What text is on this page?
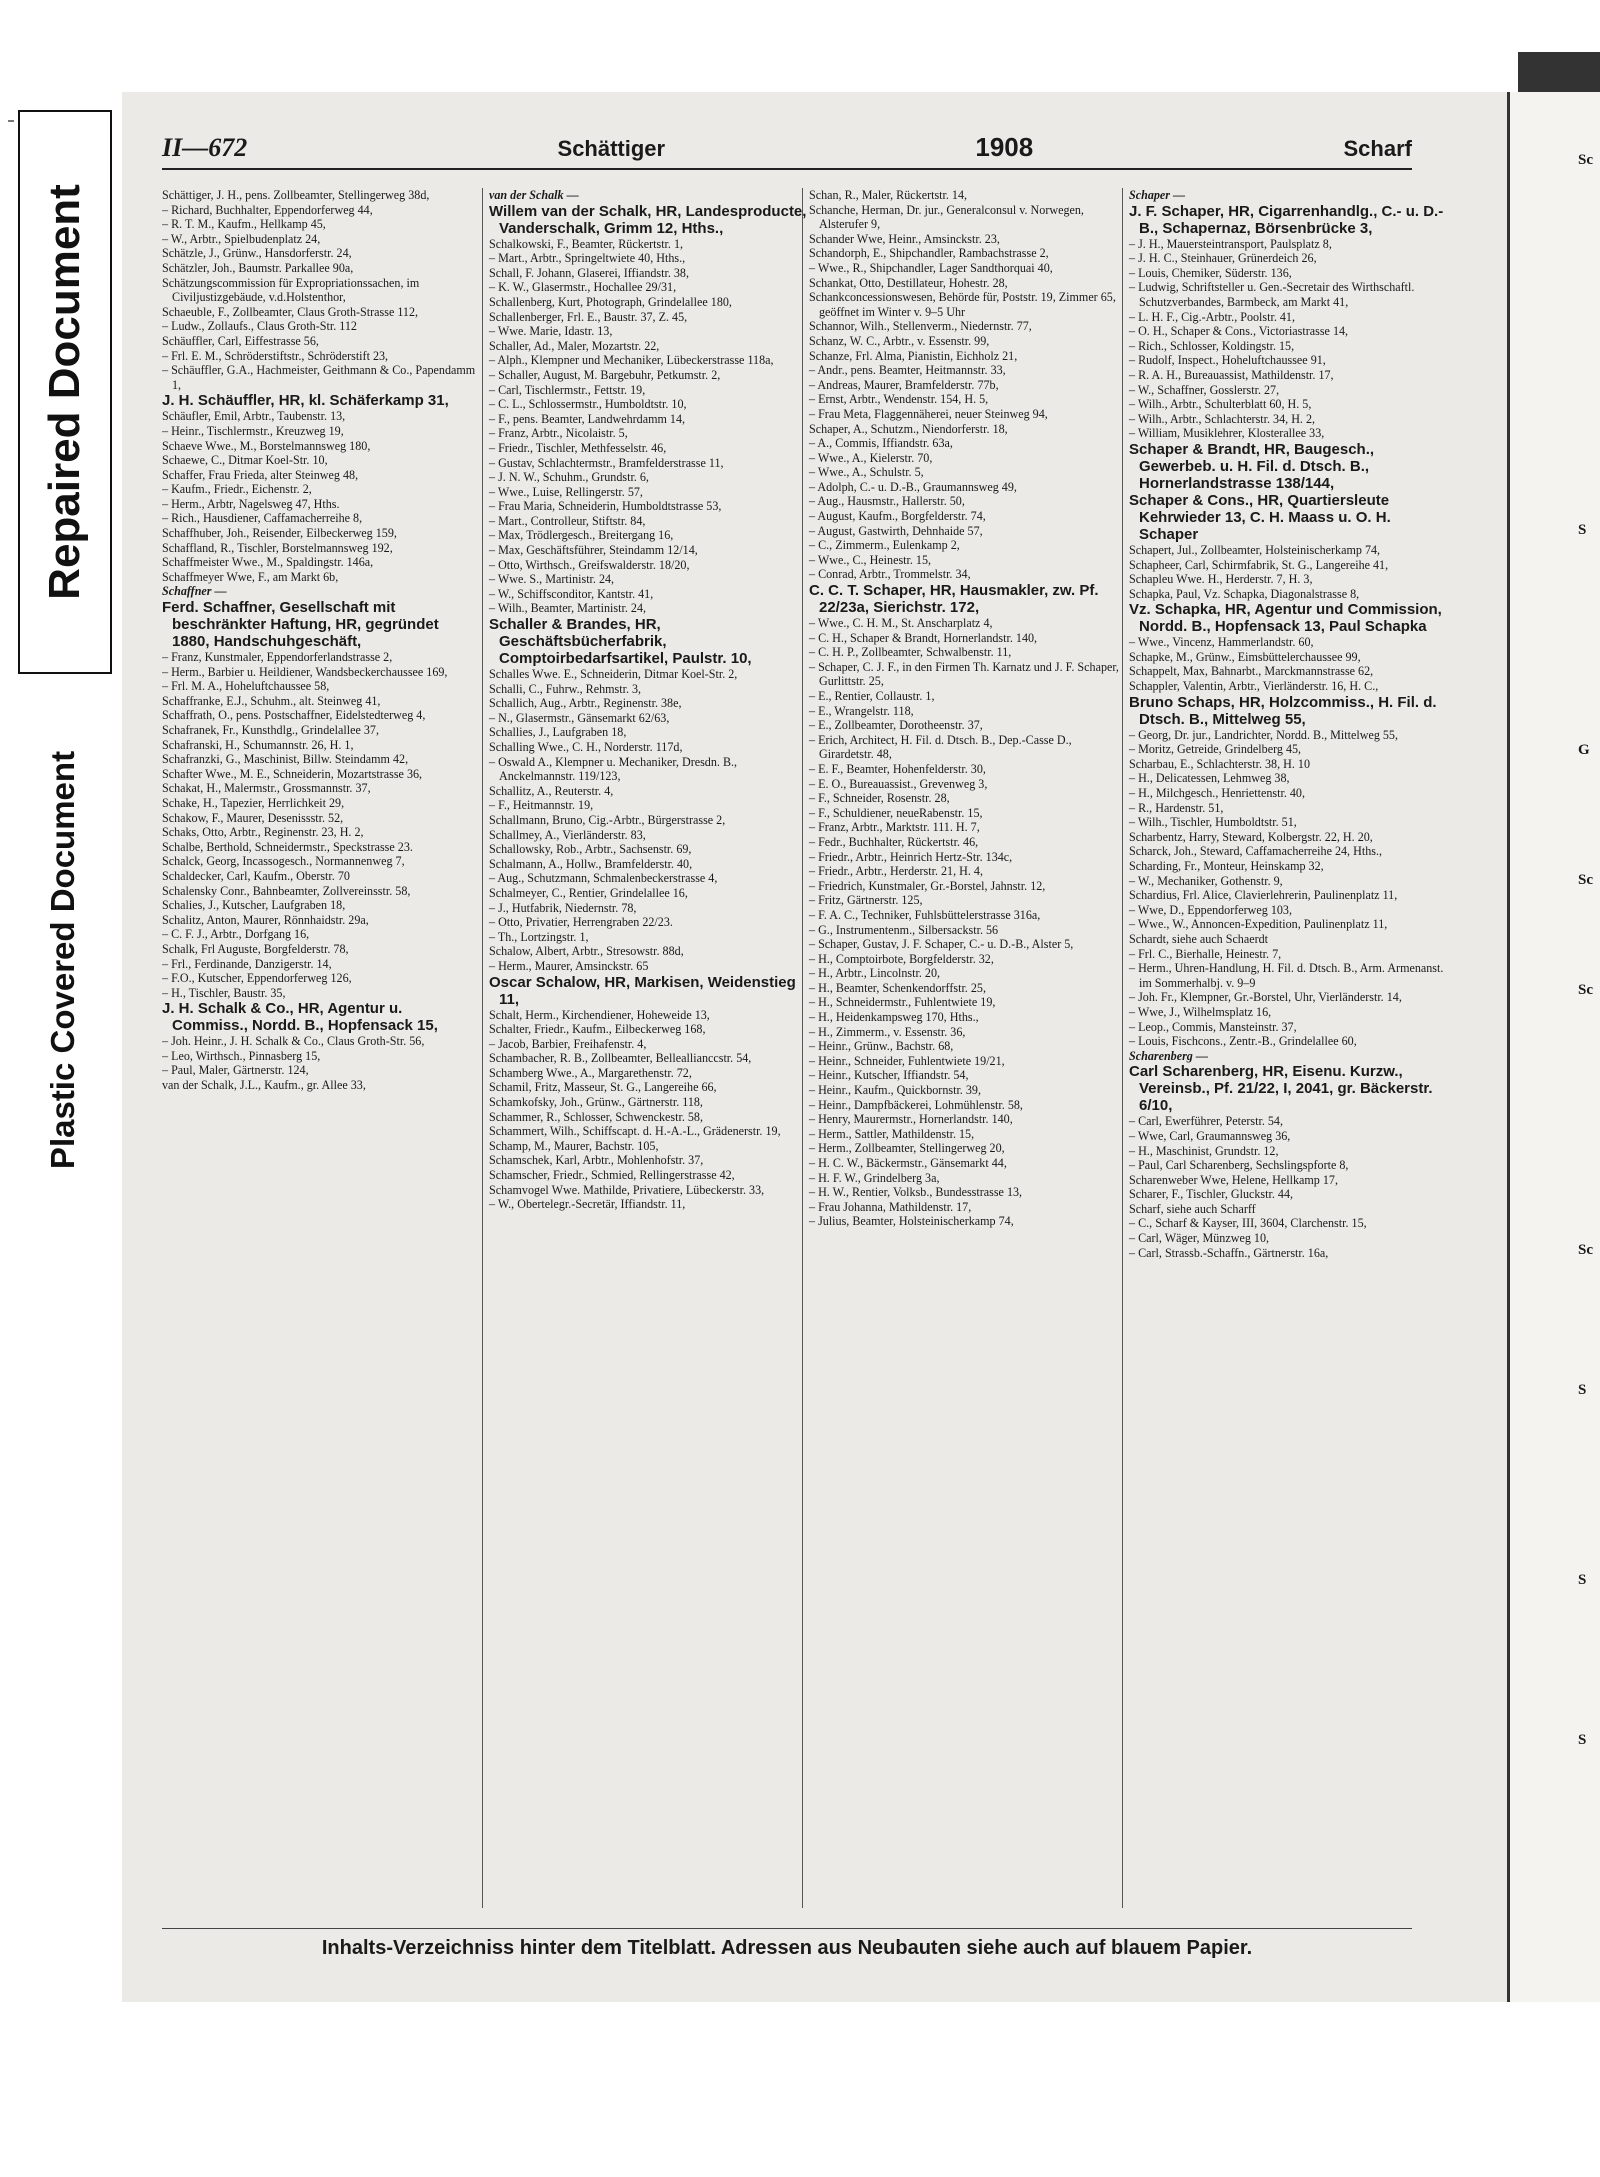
Repaired Document
Plastic Covered Document
II—672	Schättiger	1908	Scharf

Schättiger, J. H., pens. Zollbeamter, Stellingerweg 38d,

– Richard, Buchhalter, Eppendorferweg 44,

– R. T. M., Kaufm., Hellkamp 45,

– W., Arbtr., Spielbudenplatz 24,

Schätzle, J., Grünw., Hansdorferstr. 24,

Schätzler, Joh., Baumstr. Parkallee 90a,

Schätzungscommission für Expropriationssachen, im Civiljustizgebäude, v.d.Holstenthor,

Schaeuble, F., Zollbeamter, Claus Groth-Strasse 112,

– Ludw., Zollaufs., Claus Groth-Str. 112

Schäuffler, Carl, Eiffestrasse 56,

– Frl. E. M., Schröderstiftstr., Schröderstift 23,

– Schäuffler, G.A., Hachmeister, Geithmann & Co., Papendamm 1,

J. H. Schäuffler, HR, kl. Schäferkamp 31,

Schäufler, Emil, Arbtr., Taubenstr. 13,

– Heinr., Tischlermstr., Kreuzweg 19,

Schaeve Wwe., M., Borstelmannsweg 180,

Schaewe, C., Ditmar Koel-Str. 10,

Schaffer, Frau Frieda, alter Steinweg 48,

– Kaufm., Friedr., Eichenstr. 2,

– Herm., Arbtr, Nagelsweg 47, Hths.

– Rich., Hausdiener, Caffamacherreihe 8,

Schaffhuber, Joh., Reisender, Eilbeckerweg 159,

Schaffland, R., Tischler, Borstelmannsweg 192,

Schaffmeister Wwe., M., Spaldingstr. 146a,

Schaffmeyer Wwe, F., am Markt 6b,

Schaffner —

Ferd. Schaffner, Gesellschaft mit beschränkter Haftung, HR, gegründet 1880, Handschuhgeschäft,

– Franz, Kunstmaler, Eppendorferlandstrasse 2,

– Herm., Barbier u. Heildiener, Wandsbeckerchaussee 169,

– Frl. M. A., Hoheluftchaussee 58,

Schaffranke, E.J., Schuhm., alt. Steinweg 41,

Schaffrath, O., pens. Postschaffner, Eidelstedterweg 4,

Schafranek, Fr., Kunsthdlg., Grindelallee 37,

Schafranski, H., Schumannstr. 26, H. 1,

Schafranzki, G., Maschinist, Billw. Steindamm 42,

Schafter Wwe., M. E., Schneiderin, Mozartstrasse 36,

Schakat, H., Malermstr., Grossmannstr. 37,

Schake, H., Tapezier, Herrlichkeit 29,

Schakow, F., Maurer, Desenissstr. 52,

Schaks, Otto, Arbtr., Reginenstr. 23, H. 2,

Schalbe, Berthold, Schneidermstr., Speckstrasse 23.

Schalck, Georg, Incassogesch., Normannenweg 7,

Schaldecker, Carl, Kaufm., Oberstr. 70

Schalensky Conr., Bahnbeamter, Zollvereinsstr. 58,

Schalies, J., Kutscher, Laufgraben 18,

Schalitz, Anton, Maurer, Rönnhaidstr. 29a,

– C. F. J., Arbtr., Dorfgang 16,

Schalk, Frl Auguste, Borgfelderstr. 78,

– Frl., Ferdinande, Danzigerstr. 14,

– F.O., Kutscher, Eppendorferweg 126,

– H., Tischler, Baustr. 35,

J. H. Schalk & Co., HR, Agentur u. Commiss., Nordd. B., Hopfensack 15,

– Joh. Heinr., J. H. Schalk & Co., Claus Groth-Str. 56,

– Leo, Wirthsch., Pinnasberg 15,

– Paul, Maler, Gärtnerstr. 124,

van der Schalk, J.L., Kaufm., gr. Allee 33,

van der Schalk —

Willem van der Schalk, HR, Landesproducte, Vanderschalk, Grimm 12, Hths.,

Schalkowski, F., Beamter, Rückertstr. 1,

– Mart., Arbtr., Springeltwiete 40, Hths.,

Schall, F. Johann, Glaserei, Iffiandstr. 38,

– K. W., Glasermstr., Hochallee 29/31,

Schallenberg, Kurt, Photograph, Grindelallee 180,

Schallenberger, Frl. E., Baustr. 37, Z. 45,

– Wwe. Marie, Idastr. 13,

Schaller, Ad., Maler, Mozartstr. 22,

– Alph., Klempner und Mechaniker, Lübeckerstrasse 118a,

– Schaller, August, M. Bargebuhr, Petkumstr. 2,

– Carl, Tischlermstr., Fettstr. 19,

– C. L., Schlossermstr., Humboldtstr. 10,

– F., pens. Beamter, Landwehrdamm 14,

– Franz, Arbtr., Nicolaistr. 5,

– Friedr., Tischler, Methfesselstr. 46,

– Gustav, Schlachtermstr., Bramfelderstrasse 11,

– J. N. W., Schuhm., Grundstr. 6,

– Wwe., Luise, Rellingerstr. 57,

– Frau Maria, Schneiderin, Humboldtstrasse 53,

– Mart., Controlleur, Stiftstr. 84,

– Max, Trödlergesch., Breitergang 16,

– Max, Geschäftsführer, Steindamm 12/14,

– Otto, Wirthsch., Greifswalderstr. 18/20,

– Wwe. S., Martinistr. 24,

– W., Schiffsconditor, Kantstr. 41,

– Wilh., Beamter, Martinistr. 24,

Schaller & Brandes, HR, Geschäftsbücherfabrik, Comptoirbedarfsartikel, Paulstr. 10,

Schalles Wwe. E., Schneiderin, Ditmar Koel-Str. 2,

Schalli, C., Fuhrw., Rehmstr. 3,

Schallich, Aug., Arbtr., Reginenstr. 38e,

– N., Glasermstr., Gänsemarkt 62/63,

Schallies, J., Laufgraben 18,

Schalling Wwe., C. H., Norderstr. 117d,

– Oswald A., Klempner u. Mechaniker, Dresdn. B., Anckelmannstr. 119/123,

Schallitz, A., Reuterstr. 4,

– F., Heitmannstr. 19,

Schallmann, Bruno, Cig.-Arbtr., Bürgerstrasse 2,

Schallmey, A., Vierländerstr. 83,

Schallowsky, Rob., Arbtr., Sachsenstr. 69,

Schalmann, A., Hollw., Bramfelderstr. 40,

– Aug., Schutzmann, Schmalenbeckerstrasse 4,

Schalmeyer, C., Rentier, Grindelallee 16,

– J., Hutfabrik, Niedernstr. 78,

– Otto, Privatier, Herrengraben 22/23.

– Th., Lortzingstr. 1,

Schalow, Albert, Arbtr., Stresowstr. 88d,

– Herm., Maurer, Amsinckstr. 65

Oscar Schalow, HR, Markisen, Weidenstieg 11,

Schalt, Herm., Kirchendiener, Hoheweide 13,

Schalter, Friedr., Kaufm., Eilbeckerweg 168,

– Jacob, Barbier, Freihafenstr. 4,

Schambacher, R. B., Zollbeamter, Belleallianccstr. 54,

Schamberg Wwe., A., Margarethenstr. 72,

Schamil, Fritz, Masseur, St. G., Langereihe 66,

Schamkofsky, Joh., Grünw., Gärtnerstr. 118,

Schammer, R., Schlosser, Schwenckestr. 58,

Schammert, Wilh., Schiffscapt. d. H.-A.-L., Grädenerstr. 19,

Schamp, M., Maurer, Bachstr. 105,

Schamschek, Karl, Arbtr., Mohlenhofstr. 37,

Schamscher, Friedr., Schmied, Rellingerstrasse 42,

Schamvogel Wwe. Mathilde, Privatiere, Lübeckerstr. 33,

– W., Obertelegr.-Secretär, Iffiandstr. 11,

Schan, R., Maler, Rückertstr. 14,

Schanche, Herman, Dr. jur., Generalconsul v. Norwegen, Alsterufer 9,

Schander Wwe, Heinr., Amsinckstr. 23,

Schandorph, E., Shipchandler, Rambachstrasse 2,

– Wwe., R., Shipchandler, Lager Sandthorquai 40,

Schankat, Otto, Destillateur, Hohestr. 28,

Schankconcessionswesen, Behörde für, Poststr. 19, Zimmer 65, geöffnet im Winter v. 9–5 Uhr

Schannor, Wilh., Stellenverm., Niedernstr. 77,

Schanz, W. C., Arbtr., v. Essenstr. 99,

Schanze, Frl. Alma, Pianistin, Eichholz 21,

– Andr., pens. Beamter, Heitmannstr. 33,

– Andreas, Maurer, Bramfelderstr. 77b,

– Ernst, Arbtr., Wendenstr. 154, H. 5,

– Frau Meta, Flaggennäherei, neuer Steinweg 94,

Schaper, A., Schutzm., Niendorferstr. 18,

– A., Commis, Iffiandstr. 63a,

– Wwe., A., Kielerstr. 70,

– Wwe., A., Schulstr. 5,

– Adolph, C.- u. D.-B., Graumannsweg 49,

– Aug., Hausmstr., Hallerstr. 50,

– August, Kaufm., Borgfelderstr. 74,

– August, Gastwirth, Dehnhaide 57,

– C., Zimmerm., Eulenkamp 2,

– Wwe., C., Heinestr. 15,

– Conrad, Arbtr., Trommelstr. 34,

C. C. T. Schaper, HR, Hausmakler, zw. Pf. 22/23a, Sierichstr. 172,

– Wwe., C. H. M., St. Anscharplatz 4,

– C. H., Schaper & Brandt, Hornerlandstr. 140,

– C. H. P., Zollbeamter, Schwalbenstr. 11,

– Schaper, C. J. F., in den Firmen Th. Karnatz und J. F. Schaper, Gurlittstr. 25,

– E., Rentier, Collaustr. 1,

– E., Wrangelstr. 118,

– E., Zollbeamter, Dorotheenstr. 37,

– Erich, Architect, H. Fil. d. Dtsch. B., Dep.-Casse D., Girardetstr. 48,

– E. F., Beamter, Hohenfelderstr. 30,

– E. O., Bureauassist., Grevenweg 3,

– F., Schneider, Rosenstr. 28,

– F., Schuldiener, neueRabenstr. 15,

– Franz, Arbtr., Marktstr. 111. H. 7,

– Fedr., Buchhalter, Rückertstr. 46,

– Friedr., Arbtr., Heinrich Hertz-Str. 134c,

– Friedr., Arbtr., Herderstr. 21, H. 4,

– Friedrich, Kunstmaler, Gr.-Borstel, Jahnstr. 12,

– Fritz, Gärtnerstr. 125,

– F. A. C., Techniker, Fuhlsbüttelerstrasse 316a,

– G., Instrumentenm., Silbersackstr. 56

– Schaper, Gustav, J. F. Schaper, C.- u. D.-B., Alster 5,

– H., Comptoirbote, Borgfelderstr. 32,

– H., Arbtr., Lincolnstr. 20,

– H., Beamter, Schenkendorffstr. 25,

– H., Schneidermstr., Fuhlentwiete 19,

– H., Heidenkampsweg 170, Hths.,

– H., Zimmerm., v. Essenstr. 36,

– Heinr., Grünw., Bachstr. 68,

– Heinr., Schneider, Fuhlentwiete 19/21,

– Heinr., Kutscher, Iffiandstr. 54,

– Heinr., Kaufm., Quickbornstr. 39,

– Heinr., Dampfbäckerei, Lohmühlenstr. 58,

– Henry, Maurermstr., Hornerlandstr. 140,

– Herm., Sattler, Mathildenstr. 15,

– Herm., Zollbeamter, Stellingerweg 20,

– H. C. W., Bäckermstr., Gänsemarkt 44,

– H. F. W., Grindelberg 3a,

– H. W., Rentier, Volksb., Bundesstrasse 13,

– Frau Johanna, Mathildenstr. 17,

– Julius, Beamter, Holsteinischerkamp 74,

Schaper —

J. F. Schaper, HR, Cigarrenhandlg., C.- u. D.-B., Schapernaz, Börsenbrücke 3,

– J. H., Mauersteintransport, Paulsplatz 8,

– J. H. C., Steinhauer, Grünerdeich 26,

– Louis, Chemiker, Süderstr. 136,

– Ludwig, Schriftsteller u. Gen.-Secretair des Wirthschaftl. Schutzverbandes, Barmbeck, am Markt 41,

– L. H. F., Cig.-Arbtr., Poolstr. 41,

– O. H., Schaper & Cons., Victoriastrasse 14,

– Rich., Schlosser, Koldingstr. 15,

– Rudolf, Inspect., Hoheluftchaussee 91,

– R. A. H., Bureauassist, Mathildenstr. 17,

– W., Schaffner, Gosslerstr. 27,

– Wilh., Arbtr., Schulterblatt 60, H. 5,

– Wilh., Arbtr., Schlachterstr. 34, H. 2,

– William, Musiklehrer, Klosterallee 33,

Schaper & Brandt, HR, Baugesch., Gewerbeb. u. H. Fil. d. Dtsch. B., Hornerlandstrasse 138/144,

Schaper & Cons., HR, Quartiersleute Kehrwieder 13, C. H. Maass u. O. H. Schaper

Schapert, Jul., Zollbeamter, Holsteinischerkamp 74,

Schapheer, Carl, Schirmfabrik, St. G., Langereihe 41,

Schapleu Wwe. H., Herderstr. 7, H. 3,

Schapka, Paul, Vz. Schapka, Diagonalstrasse 8,

Vz. Schapka, HR, Agentur und Commission, Nordd. B., Hopfensack 13, Paul Schapka

– Wwe., Vincenz, Hammerlandstr. 60,

Schapke, M., Grünw., Eimsbüttelerchaussee 99,

Schappelt, Max, Bahnarbt., Marckmannstrasse 62,

Schappler, Valentin, Arbtr., Vierländerstr. 16, H. C.,

Bruno Schaps, HR, Holzcommiss., H. Fil. d. Dtsch. B., Mittelweg 55,

– Georg, Dr. jur., Landrichter, Nordd. B., Mittelweg 55,

– Moritz, Getreide, Grindelberg 45,

Scharbau, E., Schlachterstr. 38, H. 10

– H., Delicatessen, Lehmweg 38,

– H., Milchgesch., Henriettenstr. 40,

– R., Hardenstr. 51,

– Wilh., Tischler, Humboldtstr. 51,

Scharbentz, Harry, Steward, Kolbergstr. 22, H. 20,

Scharck, Joh., Steward, Caffamacherreihe 24, Hths.,

Scharding, Fr., Monteur, Heinskamp 32,

– W., Mechaniker, Gothenstr. 9,

Schardius, Frl. Alice, Clavierlehrerin, Paulinenplatz 11,

– Wwe, D., Eppendorferweg 103,

– Wwe., W., Annoncen-Expedition, Paulinenplatz 11,

Schardt, siehe auch Schaerdt

– Frl. C., Bierhalle, Heinestr. 7,

– Herm., Uhren-Handlung, H. Fil. d. Dtsch. B., Arm. Armenanst. im Sommerhalbj. v. 9–9

– Joh. Fr., Klempner, Gr.-Borstel, Uhr, Vierländerstr. 14,

– Wwe, J., Wilhelmsplatz 16,

– Leop., Commis, Mansteinstr. 37,

– Louis, Fischcons., Zentr.-B., Grindelallee 60,

Scharenberg —

Carl Scharenberg, HR, Eisenu. Kurzw., Vereinsb., Pf. 21/22, I, 2041, gr. Bäckerstr. 6/10,

– Carl, Ewerführer, Peterstr. 54,

– Wwe, Carl, Graumannsweg 36,

– H., Maschinist, Grundstr. 12,

– Paul, Carl Scharenberg, Sechslingspforte 8,

Scharenweber Wwe, Helene, Hellkamp 17,

Scharer, F., Tischler, Gluckstr. 44,

Scharf, siehe auch Scharff

– C., Scharf & Kayser, III, 3604, Clarchenstr. 15,

– Carl, Wäger, Münzweg 10,

– Carl, Strassb.-Schaffn., Gärtnerstr. 16a,

Inhalts-Verzeichniss hinter dem Titelblatt. Adressen aus Neubauten siehe auch auf blauem Papier.
Sc
S
G
Sc
Sc
Sc
S
S
S
